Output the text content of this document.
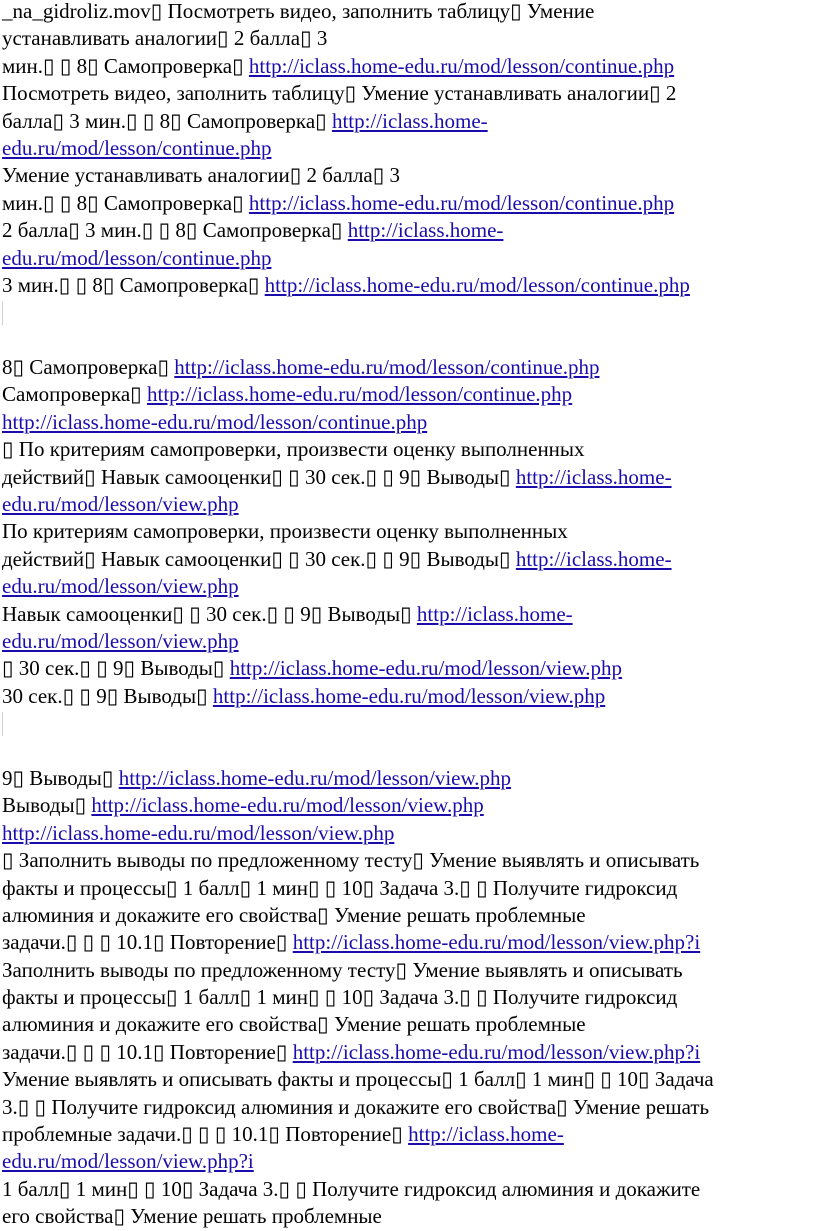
_na_gidroliz.mov▯ Посмотреть видео, заполнить таблицу▯ Умение
устанавливать аналогии▯ 2 балла▯ 3
мин.▯ ▯ 8▯ Самопроверка▯ http://iclass.home-edu.ru/mod/lesson/continue.php
Посмотреть видео, заполнить таблицу▯ Умение устанавливать аналогии▯ 2
балла▯ 3 мин.▯ ▯ 8▯ Самопроверка▯ http://iclass.home-
edu.ru/mod/lesson/continue.php
Умение устанавливать аналогии▯ 2 балла▯ 3
мин.▯ ▯ 8▯ Самопроверка▯ http://iclass.home-edu.ru/mod/lesson/continue.php
2 балла▯ 3 мин.▯ ▯ 8▯ Самопроверка▯ http://iclass.home-
edu.ru/mod/lesson/continue.php
3 мин.▯ ▯ 8▯ Самопроверка▯ http://iclass.home-edu.ru/mod/lesson/continue.php
8▯ Самопроверка▯ http://iclass.home-edu.ru/mod/lesson/continue.php
Самопроверка▯ http://iclass.home-edu.ru/mod/lesson/continue.php
http://iclass.home-edu.ru/mod/lesson/continue.php
▯ По критериям самопроверки, произвести оценку выполненных
действий▯ Навык самооценки▯ ▯ 30 сек.▯ ▯ 9▯ Выводы▯ http://iclass.home-
edu.ru/mod/lesson/view.php
По критериям самопроверки, произвести оценку выполненных
действий▯ Навык самооценки▯ ▯ 30 сек.▯ ▯ 9▯ Выводы▯ http://iclass.home-
edu.ru/mod/lesson/view.php
Навык самооценки▯ ▯ 30 сек.▯ ▯ 9▯ Выводы▯ http://iclass.home-
edu.ru/mod/lesson/view.php
▯ 30 сек.▯ ▯ 9▯ Выводы▯ http://iclass.home-edu.ru/mod/lesson/view.php
30 сек.▯ ▯ 9▯ Выводы▯ http://iclass.home-edu.ru/mod/lesson/view.php
9▯ Выводы▯ http://iclass.home-edu.ru/mod/lesson/view.php
Выводы▯ http://iclass.home-edu.ru/mod/lesson/view.php
http://iclass.home-edu.ru/mod/lesson/view.php
▯ Заполнить выводы по предложенному тесту▯ Умение выявлять и описывать
факты и процессы▯ 1 балл▯ 1 мин▯ ▯ 10▯ Задача 3.▯ ▯ Получите гидроксид
алюминия и докажите его свойства▯ Умение решать проблемные
задачи.▯ ▯ ▯ 10.1▯ Повторение▯ http://iclass.home-edu.ru/mod/lesson/view.php?i
Заполнить выводы по предложенному тесту▯ Умение выявлять и описывать
факты и процессы▯ 1 балл▯ 1 мин▯ ▯ 10▯ Задача 3.▯ ▯ Получите гидроксид
алюминия и докажите его свойства▯ Умение решать проблемные
задачи.▯ ▯ ▯ 10.1▯ Повторение▯ http://iclass.home-edu.ru/mod/lesson/view.php?i
Умение выявлять и описывать факты и процессы▯ 1 балл▯ 1 мин▯ ▯ 10▯ Задача
3.▯ ▯ Получите гидроксид алюминия и докажите его свойства▯ Умение решать
проблемные задачи.▯ ▯ ▯ 10.1▯ Повторение▯ http://iclass.home-
edu.ru/mod/lesson/view.php?i
1 балл▯ 1 мин▯ ▯ 10▯ Задача 3.▯ ▯ Получите гидроксид алюминия и докажите
его свойства▯ Умение решать проблемные
